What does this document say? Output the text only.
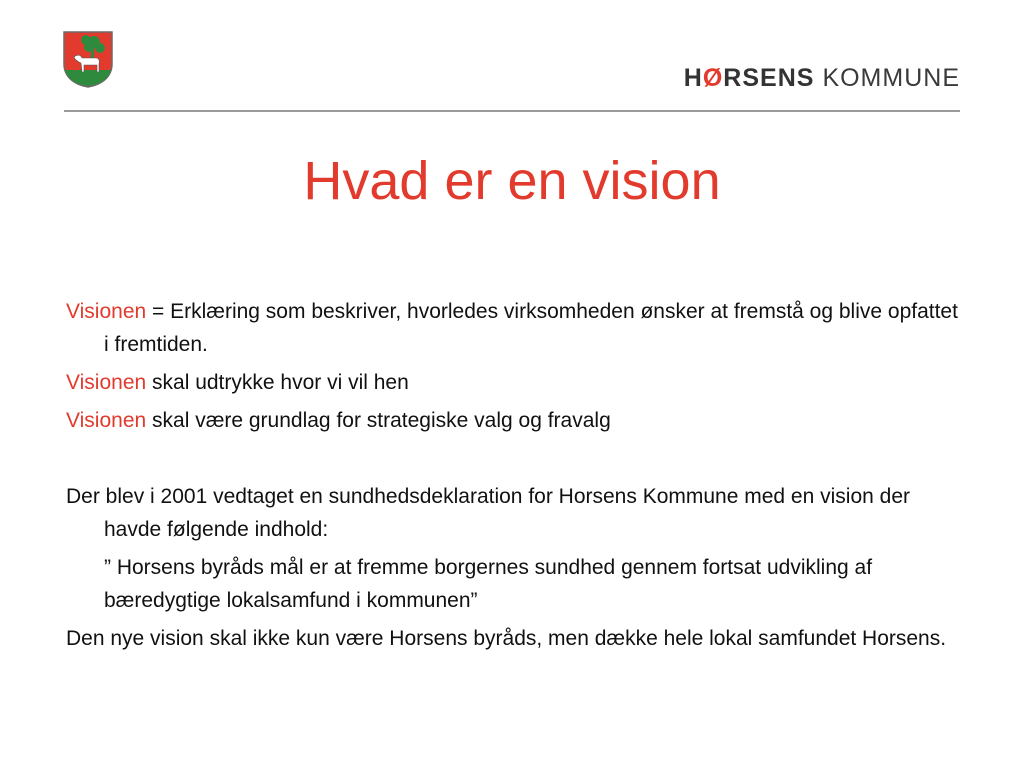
HØRSENS KOMMUNE
Hvad er en vision

Visionen = Erklæring som beskriver, hvorledes virksomheden ønsker at fremstå og blive opfattet i fremtiden.

Visionen skal udtrykke hvor vi vil hen

Visionen skal være grundlag for strategiske valg og fravalg

Der blev i 2001 vedtaget en sundhedsdeklaration for Horsens Kommune med en vision der havde følgende indhold:

” Horsens byråds mål er at fremme borgernes sundhed gennem fortsat udvikling af bæredygtige lokalsamfund i kommunen”

Den nye vision skal ikke kun være Horsens byråds, men dække hele lokal samfundet Horsens.
